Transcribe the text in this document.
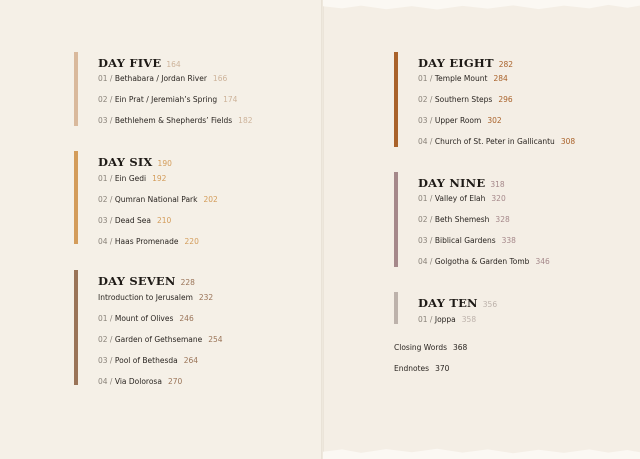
DAY FIVE 164
01 / Bethabara / Jordan River 166
02 / Ein Prat / Jeremiah’s Spring 174
03 / Bethlehem & Shepherds’ Fields 182
DAY SIX 190
01 / Ein Gedi 192
02 / Qumran National Park 202
03 / Dead Sea 210
04 / Haas Promenade 220
DAY SEVEN 228
Introduction to Jerusalem 232
01 / Mount of Olives 246
02 / Garden of Gethsemane 254
03 / Pool of Bethesda 264
04 / Via Dolorosa 270
DAY EIGHT 282
01 / Temple Mount 284
02 / Southern Steps 296
03 / Upper Room 302
04 / Church of St. Peter in Gallicantu 308
DAY NINE 318
01 / Valley of Elah 320
02 / Beth Shemesh 328
03 / Biblical Gardens 338
04 / Golgotha & Garden Tomb 346
DAY TEN 356
01 / Joppa 358
Closing Words 368
Endnotes 370
